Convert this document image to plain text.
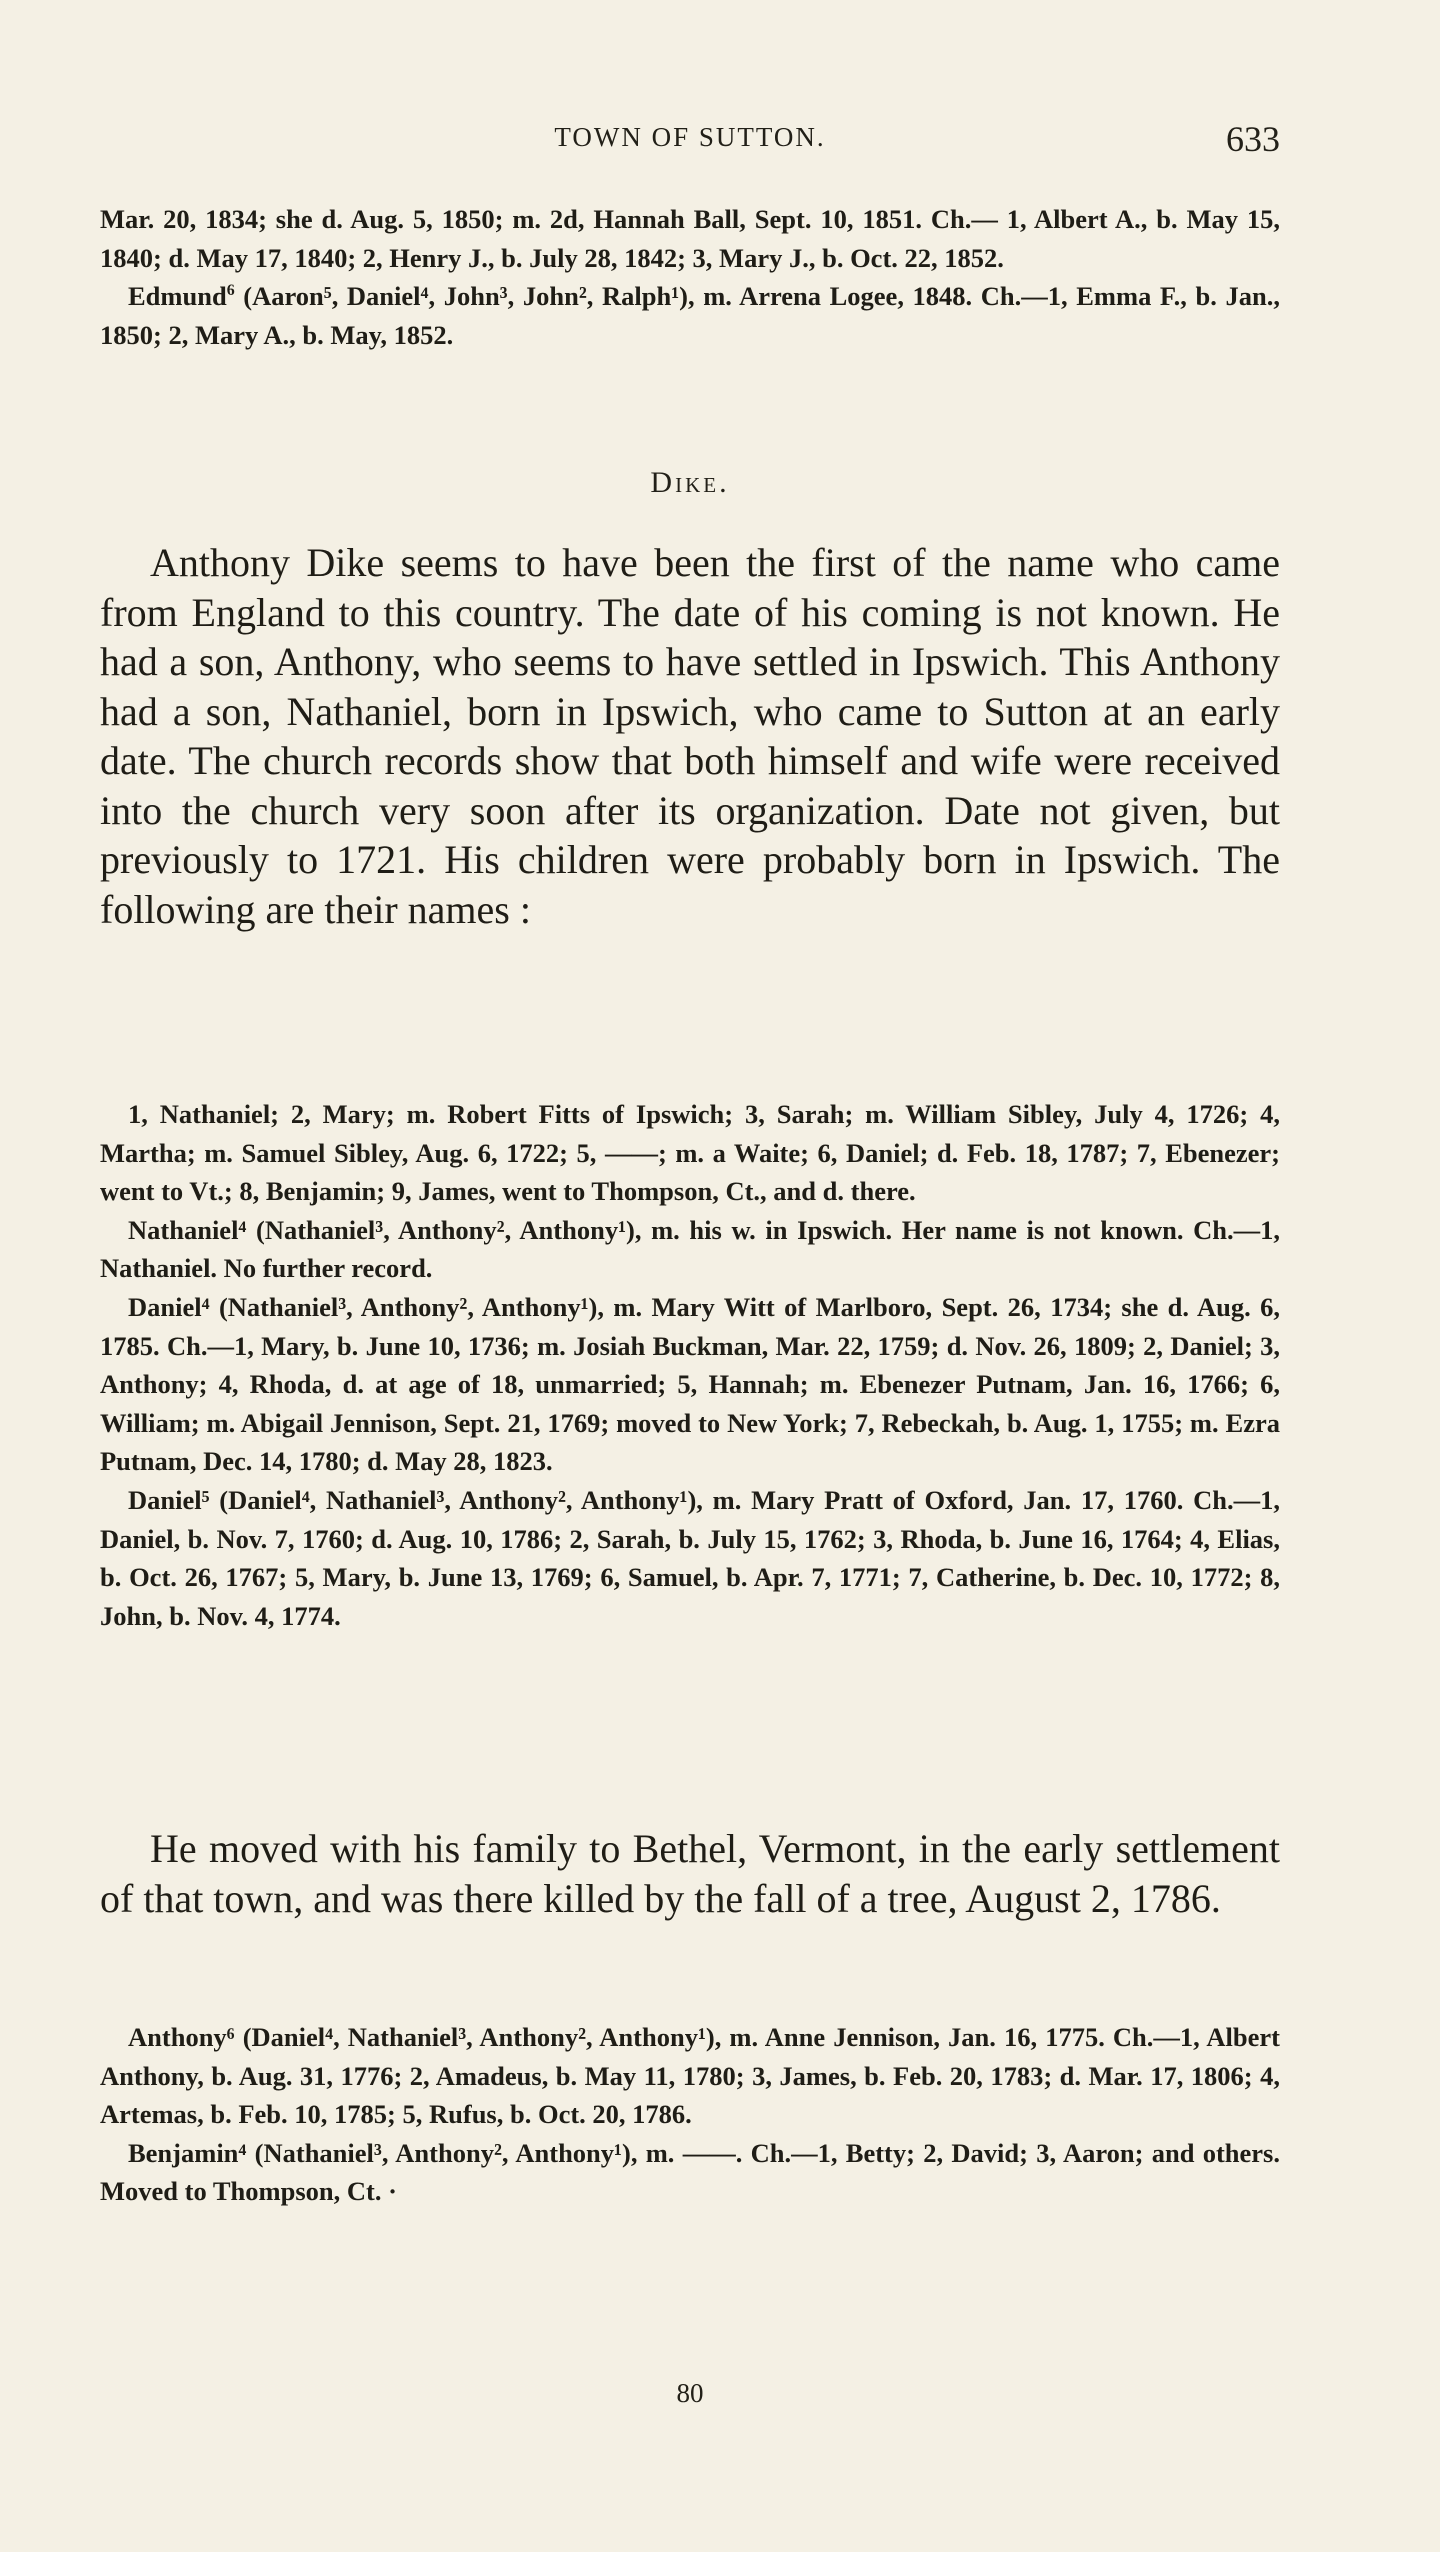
TOWN OF SUTTON.	633

Mar. 20, 1834; she d. Aug. 5, 1850; m. 2d, Hannah Ball, Sept. 10, 1851. Ch.— 1, Albert A., b. May 15, 1840; d. May 17, 1840; 2, Henry J., b. July 28, 1842; 3, Mary J., b. Oct. 22, 1852.

Edmund$^6$ (Aaron⁵, Daniel⁴, John³, John², Ralph¹), m. Arrena Logee, 1848. Ch.—1, Emma F., b. Jan., 1850; 2, Mary A., b. May, 1852.

Dike.

Anthony Dike seems to have been the first of the name who came from England to this country. The date of his coming is not known. He had a son, Anthony, who seems to have settled in Ipswich. This Anthony had a son, Nathaniel, born in Ipswich, who came to Sutton at an early date. The church records show that both himself and wife were received into the church very soon after its organization. Date not given, but previously to 1721. His children were probably born in Ipswich. The following are their names :

1, Nathaniel; 2, Mary; m. Robert Fitts of Ipswich; 3, Sarah; m. William Sibley, July 4, 1726; 4, Martha; m. Samuel Sibley, Aug. 6, 1722; 5, ——; m. a Waite; 6, Daniel; d. Feb. 18, 1787; 7, Ebenezer; went to Vt.; 8, Benjamin; 9, James, went to Thompson, Ct., and d. there.

Nathaniel⁴ (Nathaniel³, Anthony², Anthony¹), m. his w. in Ipswich. Her name is not known. Ch.—1, Nathaniel. No further record.

Daniel⁴ (Nathaniel³, Anthony², Anthony¹), m. Mary Witt of Marlboro, Sept. 26, 1734; she d. Aug. 6, 1785. Ch.—1, Mary, b. June 10, 1736; m. Josiah Buckman, Mar. 22, 1759; d. Nov. 26, 1809; 2, Daniel; 3, Anthony; 4, Rhoda, d. at age of 18, unmarried; 5, Hannah; m. Ebenezer Putnam, Jan. 16, 1766; 6, William; m. Abigail Jennison, Sept. 21, 1769; moved to New York; 7, Rebeckah, b. Aug. 1, 1755; m. Ezra Putnam, Dec. 14, 1780; d. May 28, 1823.

Daniel⁵ (Daniel⁴, Nathaniel³, Anthony², Anthony¹), m. Mary Pratt of Oxford, Jan. 17, 1760. Ch.—1, Daniel, b. Nov. 7, 1760; d. Aug. 10, 1786; 2, Sarah, b. July 15, 1762; 3, Rhoda, b. June 16, 1764; 4, Elias, b. Oct. 26, 1767; 5, Mary, b. June 13, 1769; 6, Samuel, b. Apr. 7, 1771; 7, Catherine, b. Dec. 10, 1772; 8, John, b. Nov. 4, 1774.

He moved with his family to Bethel, Vermont, in the early settlement of that town, and was there killed by the fall of a tree, August 2, 1786.

Anthony⁶ (Daniel⁴, Nathaniel³, Anthony², Anthony¹), m. Anne Jennison, Jan. 16, 1775. Ch.—1, Albert Anthony, b. Aug. 31, 1776; 2, Amadeus, b. May 11, 1780; 3, James, b. Feb. 20, 1783; d. Mar. 17, 1806; 4, Artemas, b. Feb. 10, 1785; 5, Rufus, b. Oct. 20, 1786.

Benjamin⁴ (Nathaniel³, Anthony², Anthony¹), m. ——. Ch.—1, Betty; 2, David; 3, Aaron; and others. Moved to Thompson, Ct. ·

80
